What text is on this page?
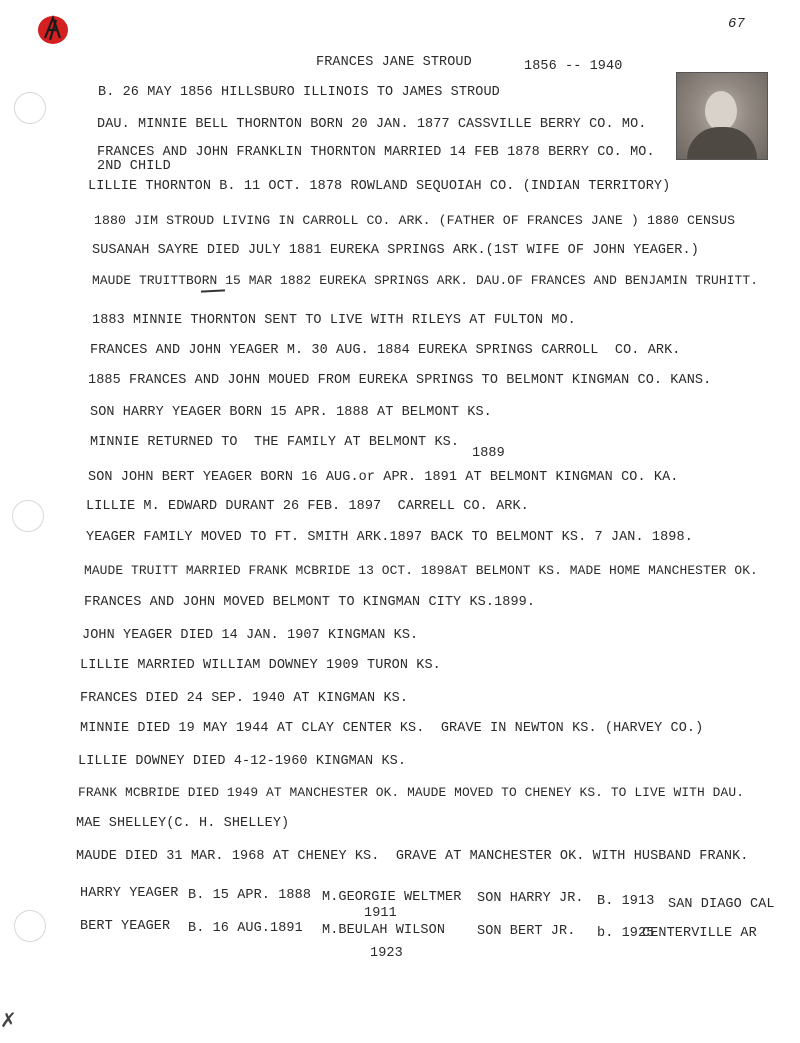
67
FRANCES JANE STROUD	1856 -- 1940
B. 26 MAY 1856 HILLSBURO ILLINOIS TO JAMES STROUD
DAU. MINNIE BELL THORNTON BORN 20 JAN. 1877 CASSVILLE BERRY CO. MO.
FRANCES AND JOHN FRANKLIN THORNTON MARRIED 14 FEB 1878 BERRY CO. MO.
2ND CHILD
LILLIE THORNTON B. 11 OCT. 1878 ROWLAND SEQUOIAH CO. (INDIAN TERRITORY)
1880 JIM STROUD LIVING IN CARROLL CO. ARK. (FATHER OF FRANCES JANE ) 1880 CENSUS
SUSANAH SAYRE DIED JULY 1881 EUREKA SPRINGS ARK.(1ST WIFE OF JOHN YEAGER.)
MAUDE TRUITTBORN 15 MAR 1882 EUREKA SPRINGS ARK. DAU.OF FRANCES AND BENJAMIN TRUHITT.
1883 MINNIE THORNTON SENT TO LIVE WITH RILEYS AT FULTON MO.
FRANCES AND JOHN YEAGER M. 30 AUG. 1884 EUREKA SPRINGS CARROLL  CO. ARK.
1885 FRANCES AND JOHN MOUED FROM EUREKA SPRINGS TO BELMONT KINGMAN CO. KANS.
SON HARRY YEAGER BORN 15 APR. 1888 AT BELMONT KS.
MINNIE RETURNED TO  THE FAMILY AT BELMONT KS.
1889
SON JOHN BERT YEAGER BORN 16 AUG.or APR. 1891 AT BELMONT KINGMAN CO. KA.
LILLIE M. EDWARD DURANT 26 FEB. 1897  CARRELL CO. ARK.
YEAGER FAMILY MOVED TO FT. SMITH ARK.1897 BACK TO BELMONT KS. 7 JAN. 1898.
MAUDE TRUITT MARRIED FRANK MCBRIDE 13 OCT. 1898AT BELMONT KS. MADE HOME MANCHESTER OK.
FRANCES AND JOHN MOVED BELMONT TO KINGMAN CITY KS.1899.
JOHN YEAGER DIED 14 JAN. 1907 KINGMAN KS.
LILLIE MARRIED WILLIAM DOWNEY 1909 TURON KS.
FRANCES DIED 24 SEP. 1940 AT KINGMAN KS.
MINNIE DIED 19 MAY 1944 AT CLAY CENTER KS.  GRAVE IN NEWTON KS. (HARVEY CO.)
LILLIE DOWNEY DIED 4-12-1960 KINGMAN KS.
FRANK MCBRIDE DIED 1949 AT MANCHESTER OK. MAUDE MOVED TO CHENEY KS. TO LIVE WITH DAU.
MAE SHELLEY(C. H. SHELLEY)
MAUDE DIED 31 MAR. 1968 AT CHENEY KS.  GRAVE AT MANCHESTER OK. WITH HUSBAND FRANK.
HARRY YEAGER B. 15 APR. 1888 M.GEORGIE WELTMER
1911
SON HARRY JR. B. 1913 SAN DIAGO CAL
BERT YEAGER B. 16 AUG.1891 M.BEULAH WILSON
1923
SON BERT JR. b. 1925
CENTERVILLE AR
✗
